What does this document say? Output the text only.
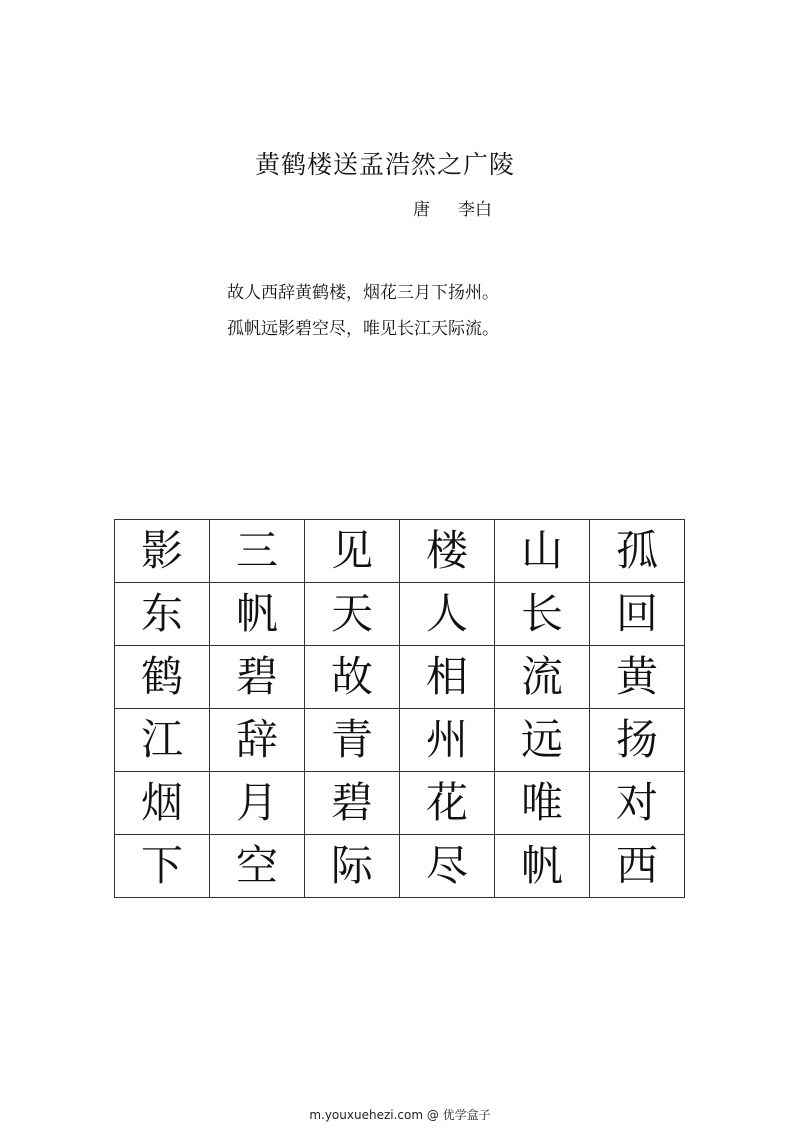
黄鹤楼送孟浩然之广陵
唐 李白
故人西辞黄鹤楼，烟花三月下扬州。
孤帆远影碧空尽，唯见长江天际流。
影	三	见	楼	山	孤
东	帆	天	人	长	回
鹤	碧	故	相	流	黄
江	辞	青	州	远	扬
烟	月	碧	花	唯	对
下	空	际	尽	帆	西
m.youxuehezi.com @ 优学盒子
